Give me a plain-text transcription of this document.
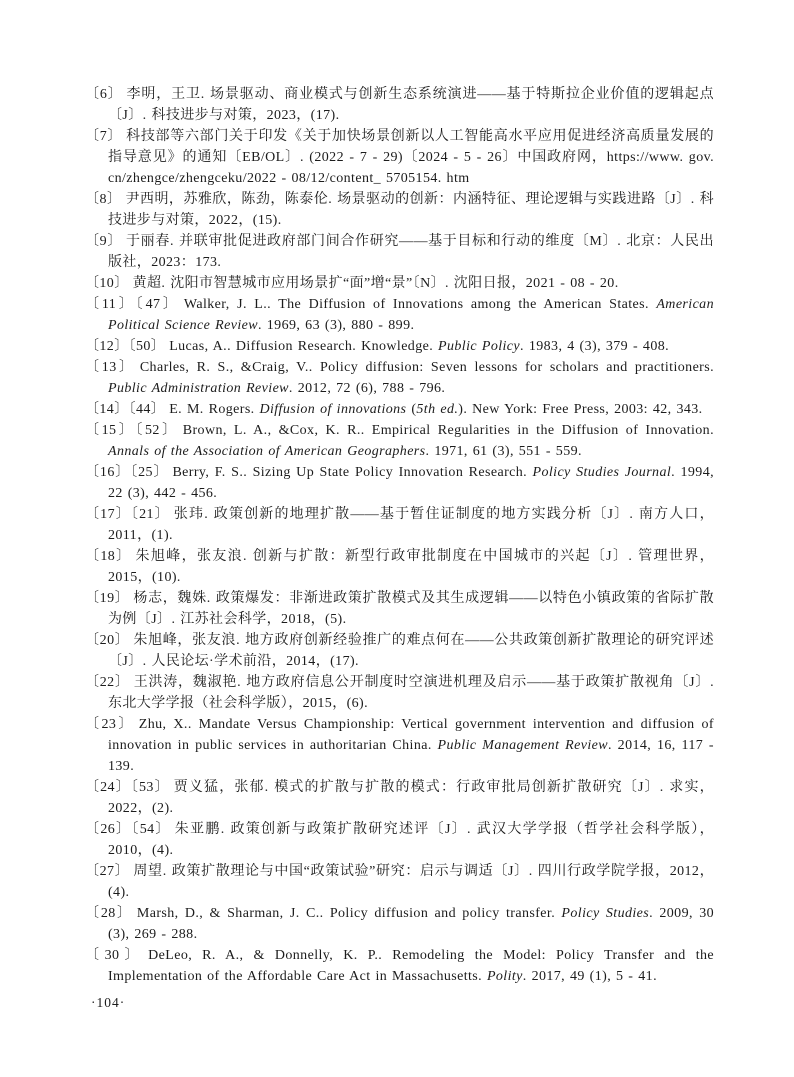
〔6〕 李明，王卫. 场景驱动、商业模式与创新生态系统演进——基于特斯拉企业价值的逻辑起点〔J〕. 科技进步与对策，2023，(17).

〔7〕 科技部等六部门关于印发《关于加快场景创新以人工智能高水平应用促进经济高质量发展的指导意见》的通知〔EB/OL〕. (2022 - 7 - 29)〔2024 - 5 - 26〕中国政府网，https://www. gov. cn/zhengce/zhengceku/2022 - 08/12/content_ 5705154. htm

〔8〕 尹西明，苏雅欣，陈劲，陈泰伦. 场景驱动的创新：内涵特征、理论逻辑与实践进路〔J〕. 科技进步与对策，2022，(15).

〔9〕 于丽春. 并联审批促进政府部门间合作研究——基于目标和行动的维度〔M〕. 北京：人民出版社，2023：173.

〔10〕 黄超. 沈阳市智慧城市应用场景扩“面”增“景”〔N〕. 沈阳日报，2021 - 08 - 20.

〔11〕〔47〕 Walker, J. L.. The Diffusion of Innovations among the American States. American Political Science Review. 1969, 63 (3), 880 - 899.

〔12〕〔50〕 Lucas, A.. Diffusion Research. Knowledge. Public Policy. 1983, 4 (3), 379 - 408.

〔13〕 Charles, R. S., &Craig, V.. Policy diffusion: Seven lessons for scholars and practitioners. Public Administration Review. 2012, 72 (6), 788 - 796.

〔14〕〔44〕 E. M. Rogers. Diffusion of innovations (5th ed.). New York: Free Press, 2003: 42, 343.

〔15〕〔52〕 Brown, L. A., &Cox, K. R.. Empirical Regularities in the Diffusion of Innovation. Annals of the Association of American Geographers. 1971, 61 (3), 551 - 559.

〔16〕〔25〕 Berry, F. S.. Sizing Up State Policy Innovation Research. Policy Studies Journal. 1994, 22 (3), 442 - 456.

〔17〕〔21〕 张玮. 政策创新的地理扩散——基于暂住证制度的地方实践分析〔J〕. 南方人口，2011，(1).

〔18〕 朱旭峰，张友浪. 创新与扩散：新型行政审批制度在中国城市的兴起〔J〕. 管理世界，2015，(10).

〔19〕 杨志，魏姝. 政策爆发：非渐进政策扩散模式及其生成逻辑——以特色小镇政策的省际扩散为例〔J〕. 江苏社会科学，2018，(5).

〔20〕 朱旭峰，张友浪. 地方政府创新经验推广的难点何在——公共政策创新扩散理论的研究评述〔J〕. 人民论坛·学术前沿，2014，(17).

〔22〕 王洪涛，魏淑艳. 地方政府信息公开制度时空演进机理及启示——基于政策扩散视角〔J〕. 东北大学学报（社会科学版），2015，(6).

〔23〕 Zhu, X.. Mandate Versus Championship: Vertical government intervention and diffusion of innovation in public services in authoritarian China. Public Management Review. 2014, 16, 117 - 139.

〔24〕〔53〕 贾义猛，张郁. 模式的扩散与扩散的模式：行政审批局创新扩散研究〔J〕. 求实，2022，(2).

〔26〕〔54〕 朱亚鹏. 政策创新与政策扩散研究述评〔J〕. 武汉大学学报（哲学社会科学版），2010，(4).

〔27〕 周望. 政策扩散理论与中国“政策试验”研究：启示与调适〔J〕. 四川行政学院学报，2012，(4).

〔28〕 Marsh, D., & Sharman, J. C.. Policy diffusion and policy transfer. Policy Studies. 2009, 30 (3), 269 - 288.

〔30〕 DeLeo, R. A., & Donnelly, K. P.. Remodeling the Model: Policy Transfer and the Implementation of the Affordable Care Act in Massachusetts. Polity. 2017, 49 (1), 5 - 41.

·104·
